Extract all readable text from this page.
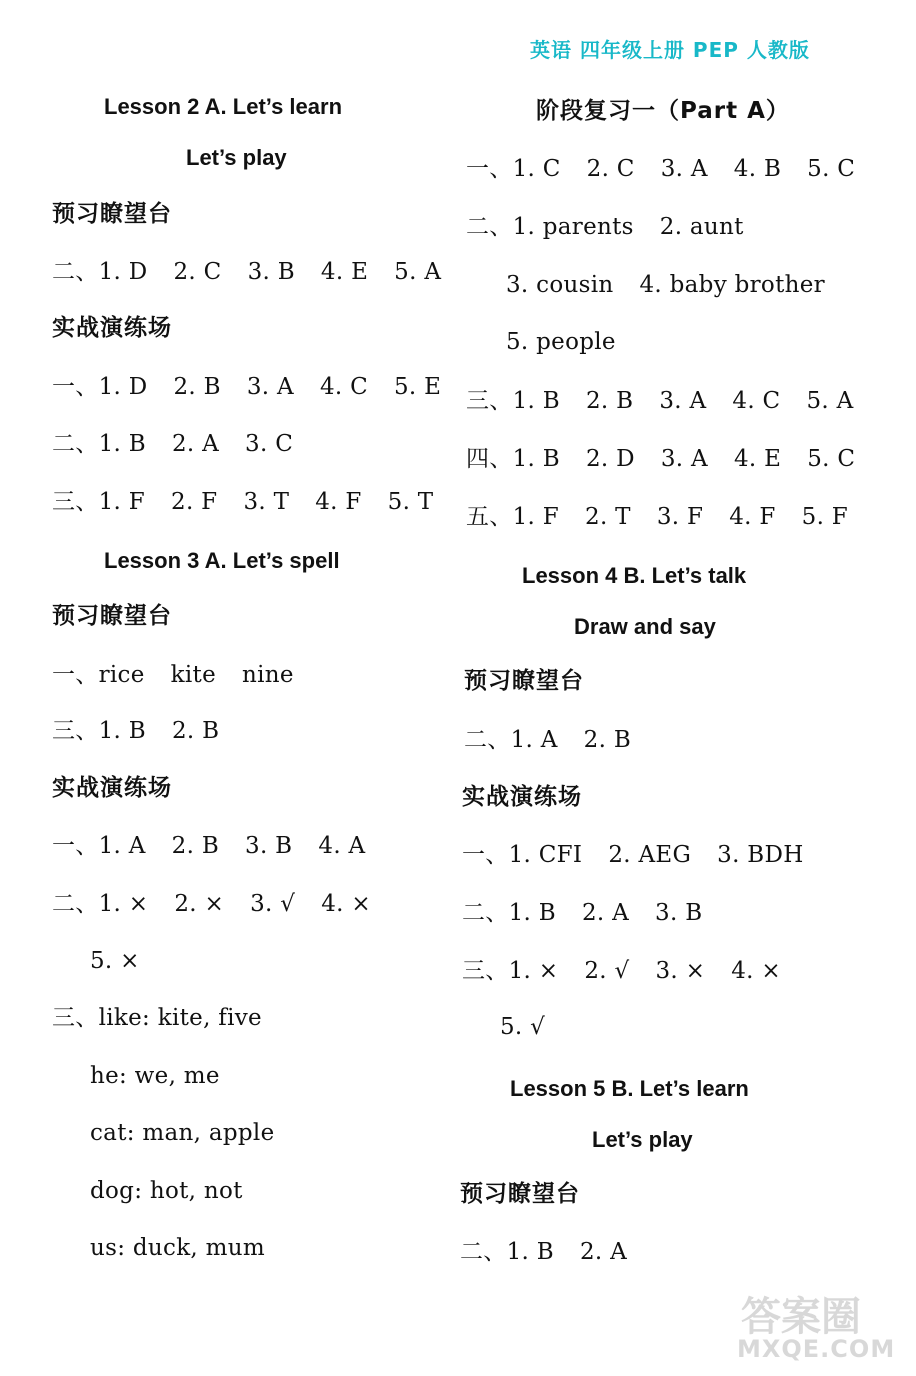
英语 四年级上册 PEP 人教版
Lesson 2 A. Let’s learn
Let’s play
预习瞭望台
二、1. D 2. C 3. B 4. E 5. A
实战演练场
一、1. D 2. B 3. A 4. C 5. E
二、1. B 2. A 3. C
三、1. F 2. F 3. T 4. F 5. T
Lesson 3 A. Let’s spell
预习瞭望台
一、rice kite nine
三、1. B 2. B
实战演练场
一、1. A 2. B 3. B 4. A
二、1. × 2. × 3. √ 4. ×
5. ×
三、like: kite, five
he: we, me
cat: man, apple
dog: hot, not
us: duck, mum
阶段复习一（Part A）
一、1. C 2. C 3. A 4. B 5. C
二、1. parents 2. aunt
3. cousin 4. baby brother
5. people
三、1. B 2. B 3. A 4. C 5. A
四、1. B 2. D 3. A 4. E 5. C
五、1. F 2. T 3. F 4. F 5. F
Lesson 4 B. Let’s talk
Draw and say
预习瞭望台
二、1. A 2. B
实战演练场
一、1. CFI 2. AEG 3. BDH
二、1. B 2. A 3. B
三、1. × 2. √ 3. × 4. ×
5. √
Lesson 5 B. Let’s learn
Let’s play
预习瞭望台
二、1. B 2. A
答案圈
MXQE.COM
